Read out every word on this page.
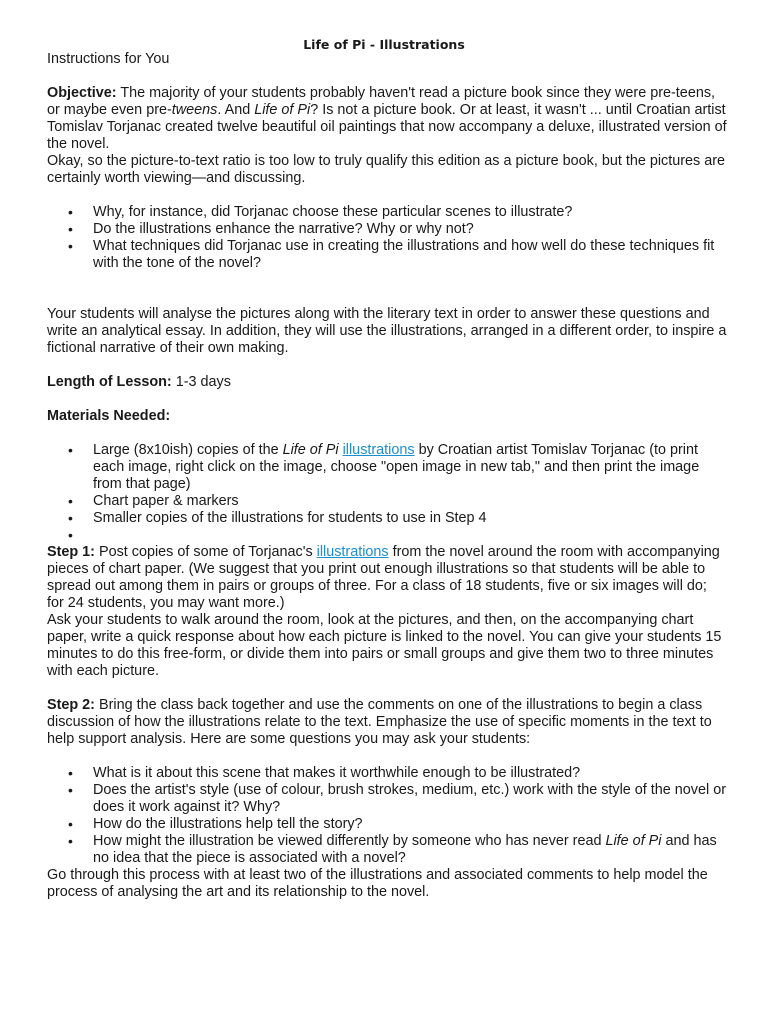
Life of Pi - Illustrations

Instructions for You

Objective: The majority of your students probably haven't read a picture book since they were pre-teens, or maybe even pre-tweens. And Life of Pi? Is not a picture book. Or at least, it wasn't ... until Croatian artist Tomislav Torjanac created twelve beautiful oil paintings that now accompany a deluxe, illustrated version of the novel.

Okay, so the picture-to-text ratio is too low to truly qualify this edition as a picture book, but the pictures are certainly worth viewing—and discussing.

• Why, for instance, did Torjanac choose these particular scenes to illustrate?
• Do the illustrations enhance the narrative? Why or why not?
• What techniques did Torjanac use in creating the illustrations and how well do these techniques fit with the tone of the novel?

Your students will analyse the pictures along with the literary text in order to answer these questions and write an analytical essay. In addition, they will use the illustrations, arranged in a different order, to inspire a fictional narrative of their own making.

Length of Lesson: 1-3 days

Materials Needed:

• Large (8x10ish) copies of the Life of Pi illustrations by Croatian artist Tomislav Torjanac (to print each image, right click on the image, choose "open image in new tab," and then print the image from that page)
• Chart paper & markers
• Smaller copies of the illustrations for students to use in Step 4
•

Step 1: Post copies of some of Torjanac's illustrations from the novel around the room with accompanying pieces of chart paper. (We suggest that you print out enough illustrations so that students will be able to spread out among them in pairs or groups of three. For a class of 18 students, five or six images will do; for 24 students, you may want more.)

Ask your students to walk around the room, look at the pictures, and then, on the accompanying chart paper, write a quick response about how each picture is linked to the novel. You can give your students 15 minutes to do this free-form, or divide them into pairs or small groups and give them two to three minutes with each picture.

Step 2: Bring the class back together and use the comments on one of the illustrations to begin a class discussion of how the illustrations relate to the text. Emphasize the use of specific moments in the text to help support analysis. Here are some questions you may ask your students:

• What is it about this scene that makes it worthwhile enough to be illustrated?
• Does the artist's style (use of colour, brush strokes, medium, etc.) work with the style of the novel or does it work against it? Why?
• How do the illustrations help tell the story?
• How might the illustration be viewed differently by someone who has never read Life of Pi and has no idea that the piece is associated with a novel?

Go through this process with at least two of the illustrations and associated comments to help model the process of analysing the art and its relationship to the novel.
